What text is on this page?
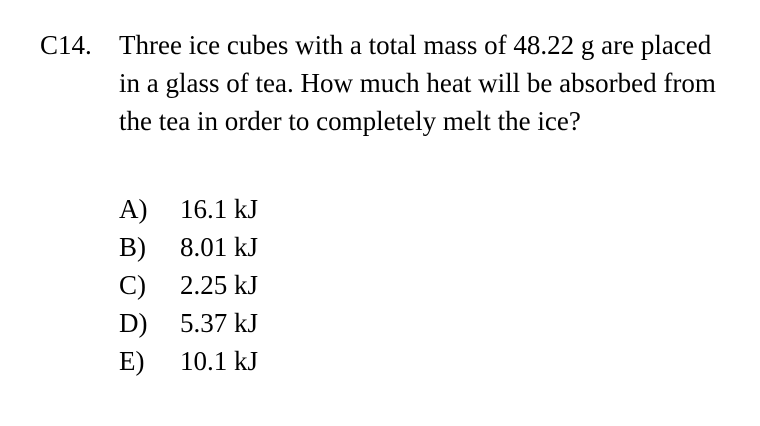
C14. Three ice cubes with a total mass of 48.22 g are placed in a glass of tea. How much heat will be absorbed from the tea in order to completely melt the ice?
A)	16.1 kJ
B)	8.01 kJ
C)	2.25 kJ
D)	5.37 kJ
E)	10.1 kJ
